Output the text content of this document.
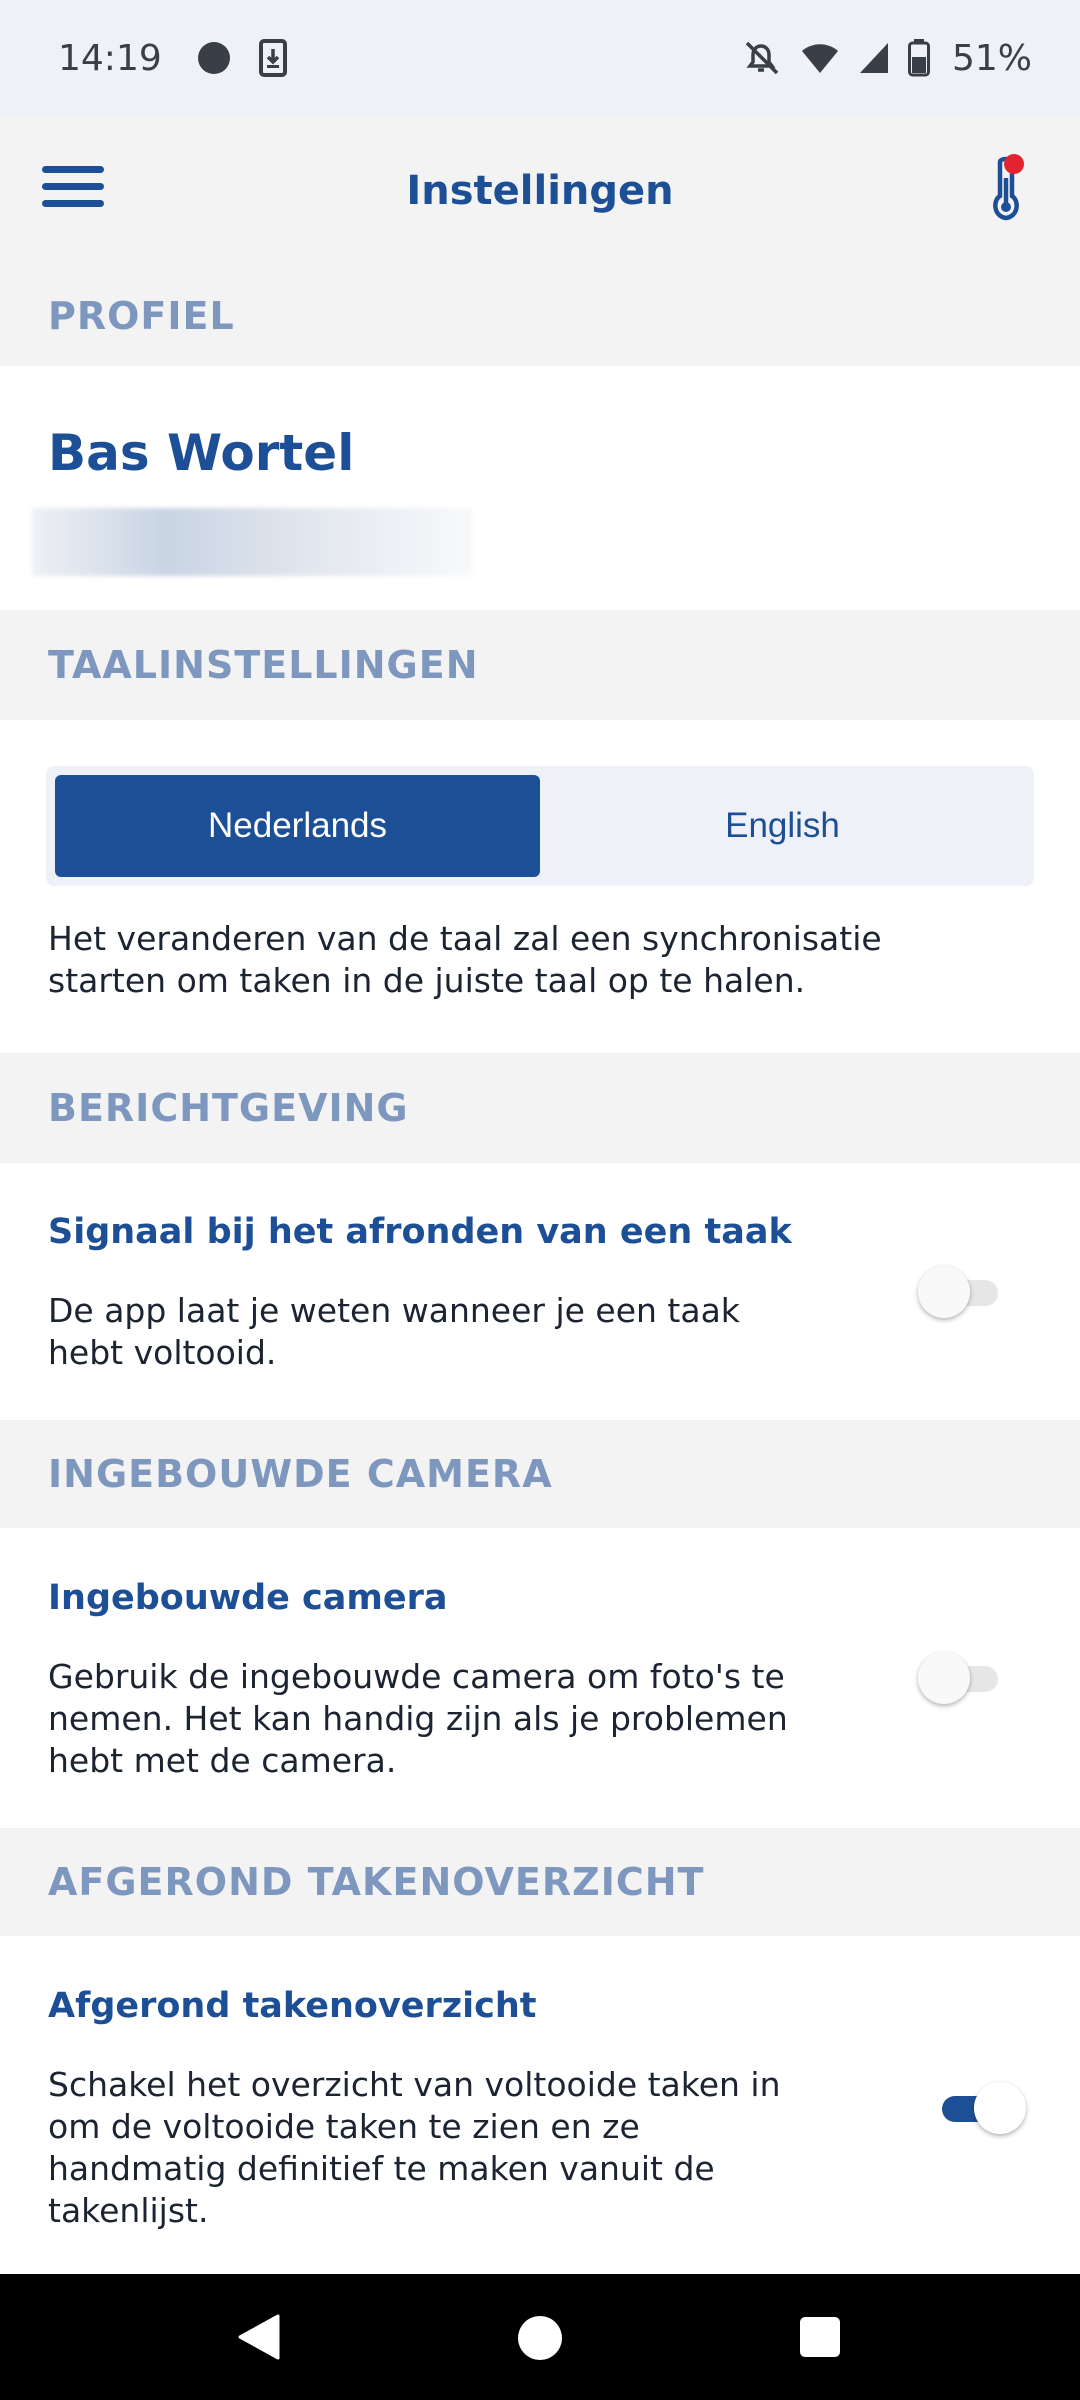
14:19	51%
Instellingen
PROFIEL
Bas Wortel
TAALINSTELLINGEN
Nederlands	English
Het veranderen van de taal zal een synchronisatie starten om taken in de juiste taal op te halen.
BERICHTGEVING
Signaal bij het afronden van een taak
De app laat je weten wanneer je een taak hebt voltooid.
INGEBOUWDE CAMERA
Ingebouwde camera
Gebruik de ingebouwde camera om foto's te nemen. Het kan handig zijn als je problemen hebt met de camera.
AFGEROND TAKENOVERZICHT
Afgerond takenoverzicht
Schakel het overzicht van voltooide taken in om de voltooide taken te zien en ze handmatig definitief te maken vanuit de takenlijst.
